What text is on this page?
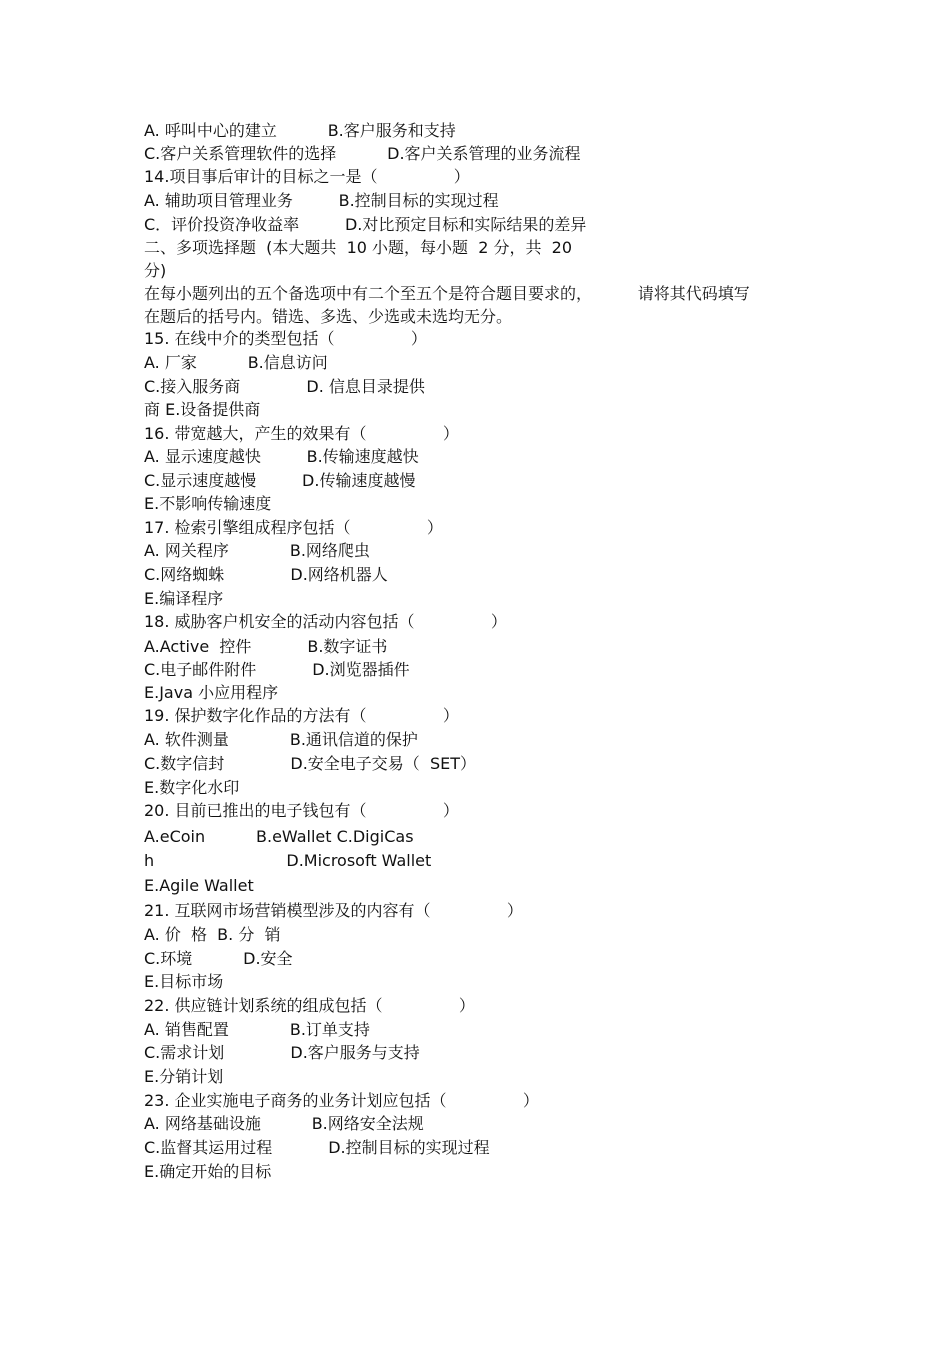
A. 呼叫中心的建立          B.客户服务和支持
C.客户关系管理软件的选择          D.客户关系管理的业务流程
14.项目事后审计的目标之一是（               ）
A. 辅助项目管理业务         B.控制目标的实现过程
C．评价投资净收益率         D.对比预定目标和实际结果的差异
二、多项选择题  (本大题共  10 小题，每小题  2 分，共  20
分)
在每小题列出的五个备选项中有二个至五个是符合题目要求的，         请将其代码填写
在题后的括号内。错选、多选、少选或未选均无分。
15. 在线中介的类型包括（               ）
A. 厂家          B.信息访问
C.接入服务商             D. 信息目录提供
商 E.设备提供商
16. 带宽越大，产生的效果有（               ）
A. 显示速度越快         B.传输速度越快
C.显示速度越慢         D.传输速度越慢
E.不影响传输速度
17. 检索引擎组成程序包括（               ）
A. 网关程序            B.网络爬虫
C.网络蜘蛛             D.网络机器人
E.编译程序
18. 威胁客户机安全的活动内容包括（               ）
A.Active  控件           B.数字证书
C.电子邮件附件           D.浏览器插件
E.Java 小应用程序
19. 保护数字化作品的方法有（               ）
A. 软件测量            B.通讯信道的保护
C.数字信封             D.安全电子交易（  SET）
E.数字化水印
20. 目前已推出的电子钱包有（               ）
A.eCoin          B.eWallet C.DigiCas
h                          D.Microsoft Wallet
E.Agile Wallet
21. 互联网市场营销模型涉及的内容有（               ）
A. 价  格  B. 分  销
C.环境          D.安全
E.目标市场
22. 供应链计划系统的组成包括（               ）
A. 销售配置            B.订单支持
C.需求计划             D.客户服务与支持
E.分销计划
23. 企业实施电子商务的业务计划应包括（               ）
A. 网络基础设施          B.网络安全法规
C.监督其运用过程           D.控制目标的实现过程
E.确定开始的目标
